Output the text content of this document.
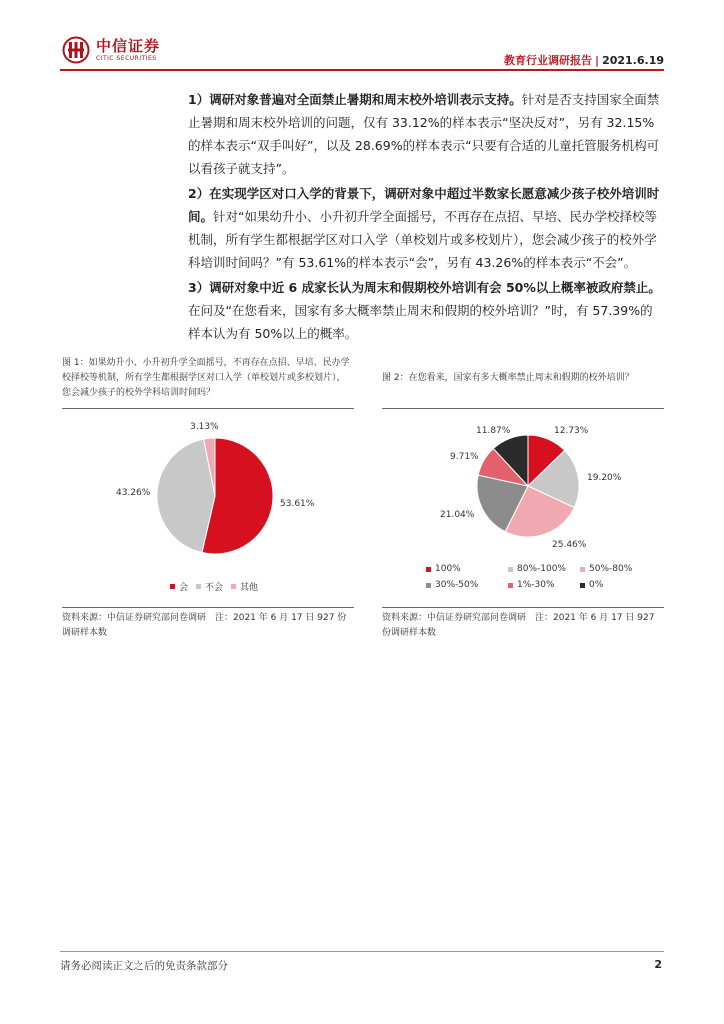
中信证券
CITIC SECURITIES	教育行业调研报告 | 2021.6.19
1）调研对象普遍对全面禁止暑期和周末校外培训表示支持。针对是否支持国家全面禁止暑期和周末校外培训的问题，仅有 33.12%的样本表示“坚决反对”，另有 32.15%的样本表示“双手叫好”，以及 28.69%的样本表示“只要有合适的儿童托管服务机构可以看孩子就支持”。
2）在实现学区对口入学的背景下，调研对象中超过半数家长愿意减少孩子校外培训时间。针对“如果幼升小、小升初升学全面摇号，不再存在点招、早培、民办学校择校等机制，所有学生都根据学区对口入学（单校划片或多校划片），您会减少孩子的校外学科培训时间吗？”有 53.61%的样本表示“会”，另有 43.26%的样本表示“不会”。
3）调研对象中近 6 成家长认为周末和假期校外培训有会 50%以上概率被政府禁止。在问及“在您看来，国家有多大概率禁止周末和假期的校外培训？”时，有 57.39%的样本认为有 50%以上的概率。
图 1：如果幼升小、小升初升学全面摇号，不再存在点招、早培、民办学校择校等机制，所有学生都根据学区对口入学（单校划片或多校划片），您会减少孩子的校外学科培训时间吗？
3.13%
43.26%
53.61%
会 不会 其他
资料来源：中信证券研究部问卷调研　注：2021 年 6 月 17 日 927 份调研样本数
图 2：在您看来，国家有多大概率禁止周末和假期的校外培训？
11.87%	12.73%
9.71%
19.20%
21.04%
25.46%
100%	80%-100%	50%-80%
30%-50%	1%-30%	0%
资料来源：中信证券研究部问卷调研　注：2021 年 6 月 17 日 927 份调研样本数
请务必阅读正文之后的免责条款部分	2
